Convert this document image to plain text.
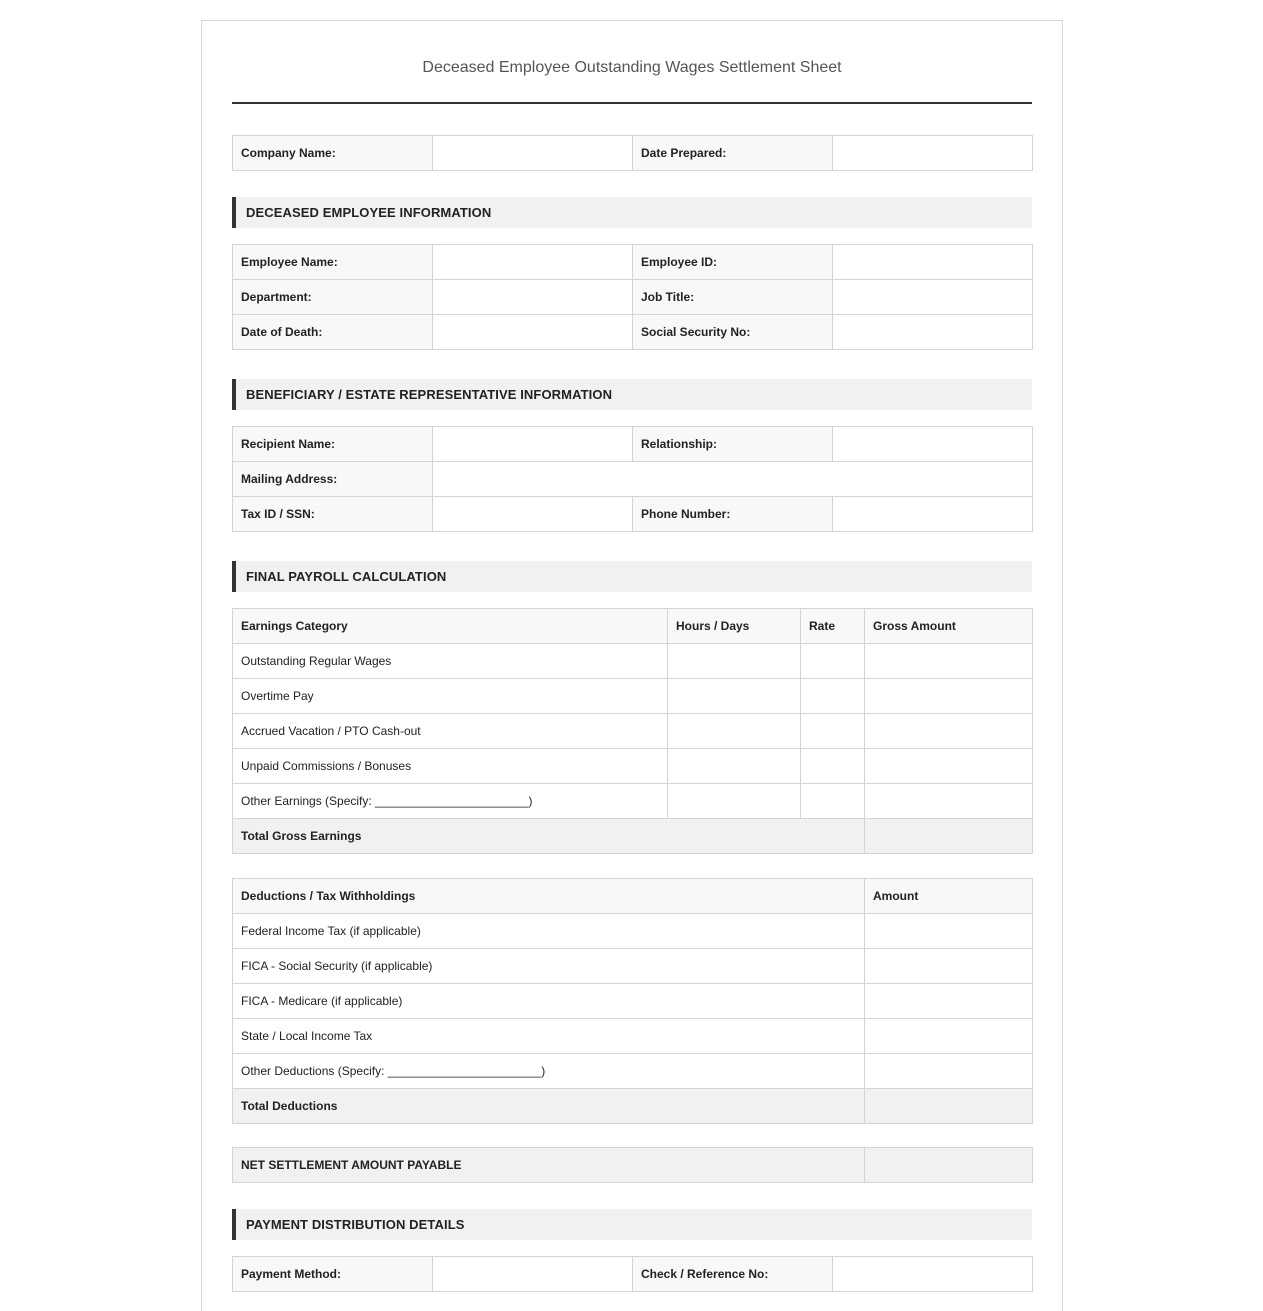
Deceased Employee Outstanding Wages Settlement Sheet
Company Name:		Date Prepared:	
DECEASED EMPLOYEE INFORMATION
Employee Name:		Employee ID:	
Department:		Job Title:	
Date of Death:		Social Security No:	
BENEFICIARY / ESTATE REPRESENTATIVE INFORMATION
Recipient Name:		Relationship:	
Mailing Address:			
Tax ID / SSN:		Phone Number:	
FINAL PAYROLL CALCULATION
Earnings Category	Hours / Days	Rate	Gross Amount
Outstanding Regular Wages			
Overtime Pay			
Accrued Vacation / PTO Cash-out			
Unpaid Commissions / Bonuses			
Other Earnings (Specify: _______________________)			
Total Gross Earnings			
Deductions / Tax Withholdings	Amount
Federal Income Tax (if applicable)	
FICA - Social Security (if applicable)	
FICA - Medicare (if applicable)	
State / Local Income Tax	
Other Deductions (Specify: _______________________)	
Total Deductions	
NET SETTLEMENT AMOUNT PAYABLE	
PAYMENT DISTRIBUTION DETAILS
Payment Method:		Check / Reference No:	
